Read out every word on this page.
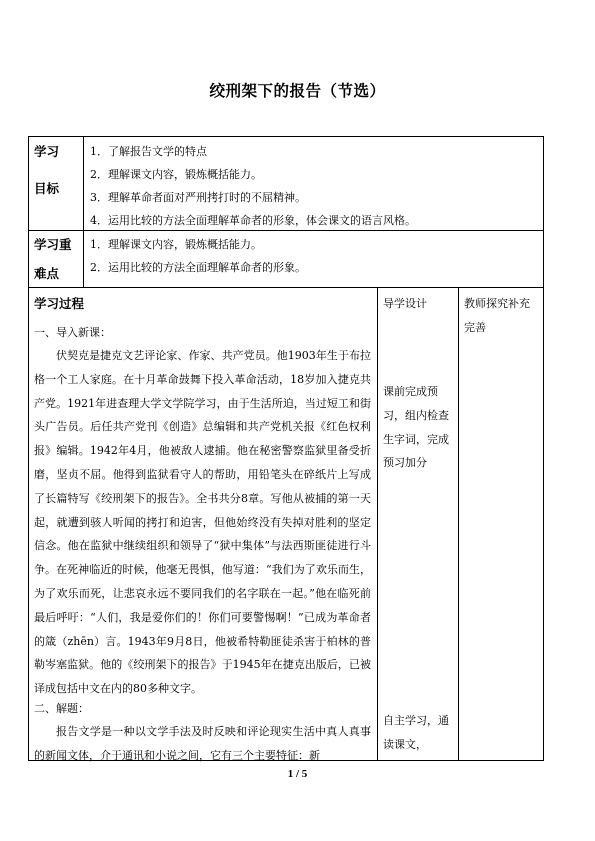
绞刑架下的报告（节选）
学习
目标
1．了解报告文学的特点
2．理解课文内容，锻炼概括能力。
3．理解革命者面对严刑拷打时的不屈精神。
4．运用比较的方法全面理解革命者的形象，体会课文的语言风格。
学习重
难点
1．理解课文内容，锻炼概括能力。
2．运用比较的方法全面理解革命者的形象。
学习过程
一、导入新课：
伏契克是捷克文艺评论家、作家、共产党员。他1903年生于布拉格一个工人家庭。在十月革命鼓舞下投入革命活动，18岁加入捷克共产党。1921年进查理大学文学院学习，由于生活所迫，当过短工和街头广告员。后任共产党刊《创造》总编辑和共产党机关报《红色权利报》编辑。1942年4月，他被敌人逮捕。他在秘密警察监狱里备受折磨，坚贞不屈。他得到监狱看守人的帮助，用铅笔头在碎纸片上写成了长篇特写《绞刑架下的报告》。全书共分8章。写他从被捕的第一天起，就遭到骇人听闻的拷打和迫害，但他始终没有失掉对胜利的坚定信念。他在监狱中继续组织和领导了“狱中集体”与法西斯匪徒进行斗争。在死神临近的时候，他毫无畏惧，他写道：“我们为了欢乐而生，为了欢乐而死，让悲哀永远不要同我们的名字联在一起。”他在临死前最后呼吁：“人们，我是爱你们的！你们可要警惕啊！”已成为革命者的箴（zhēn）言。1943年9月8日，他被希特勒匪徒杀害于柏林的普勒岑塞监狱。他的《绞刑架下的报告》于1945年在捷克出版后，已被译成包括中文在内的80多种文字。
二、解题：
报告文学是一种以文学手法及时反映和评论现实生活中真人真事的新闻文体，介于通讯和小说之间，它有三个主要特征：新
导学设计
课前完成预习，组内检查生字词，完成预习加分
自主学习，通读课文，
教师探究补充完善
1 / 5
